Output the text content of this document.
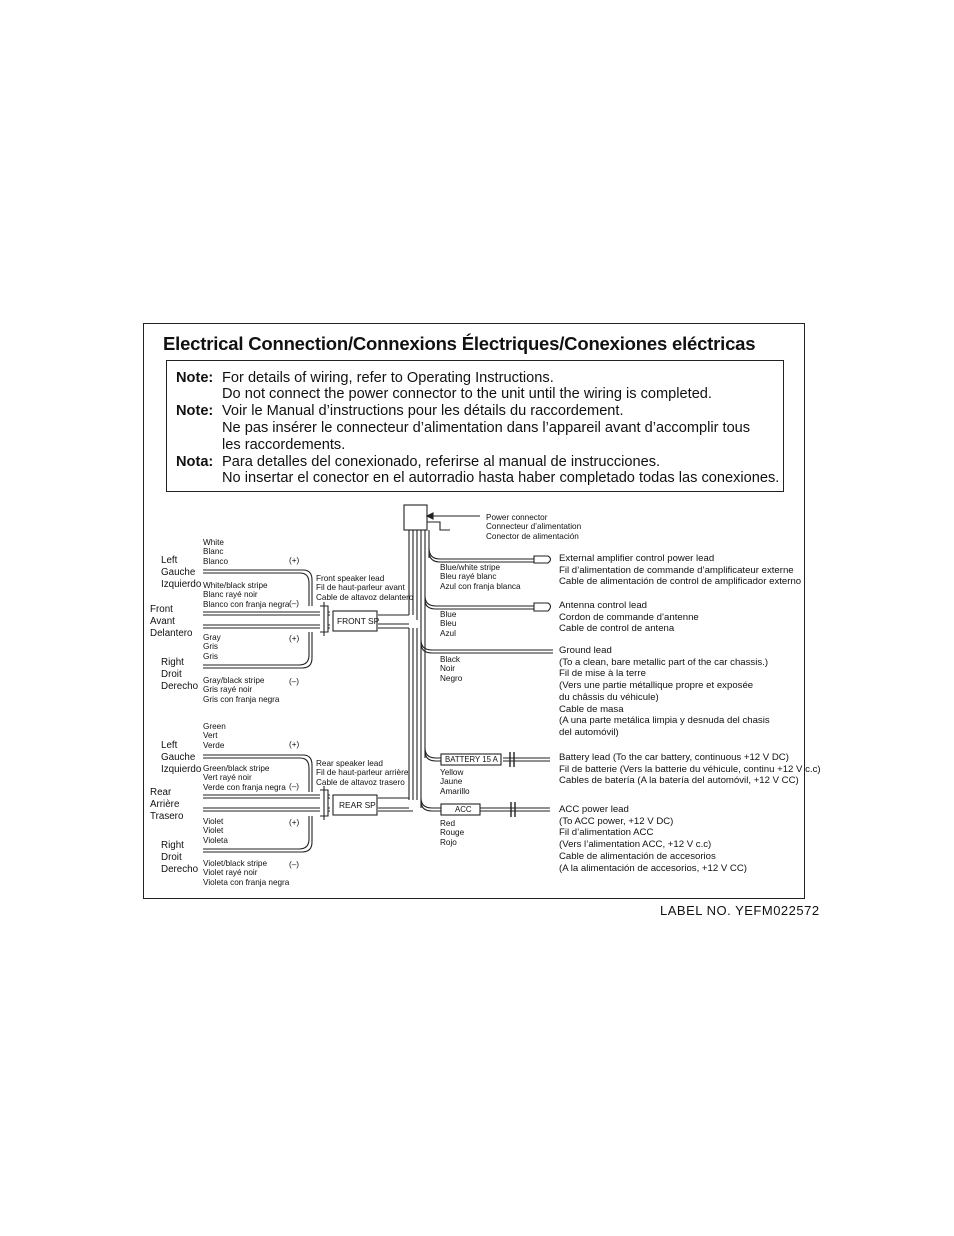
Electrical Connection/Connexions Électriques/Conexiones eléctricas
Note: For details of wiring, refer to Operating Instructions.
Do not connect the power connector to the unit until the wiring is completed.
Note: Voir le Manual d’instructions pour les détails du raccordement.
Ne pas insérer le connecteur d’alimentation dans l’appareil avant d’accomplir tous
les raccordements.
Nota: Para detalles del conexionado, referirse al manual de instrucciones.
No insertar el conector en el autorradio hasta haber completado todas las conexiones.
Power connector
Connecteur d’alimentation
Conector de alimentación
Left
Gauche
Izquierdo
Front
Avant
Delantero
Right
Droit
Derecho
White
Blanc
Blanco
White/black stripe
Blanc rayé noir
Blanco con franja negra
Gray
Gris
Gris
Gray/black stripe
Gris rayé noir
Gris con franja negra
(+)
(–)
(+)
(–)
Front speaker lead
Fil de haut-parleur avant
Cable de altavoz delantero
FRONT SP
Left
Gauche
Izquierdo
Rear
Arrière
Trasero
Right
Droit
Derecho
Green
Vert
Verde
Green/black stripe
Vert rayé noir
Verde con franja negra
Violet
Violet
Violeta
Violet/black stripe
Violet rayé noir
Violeta con franja negra
(+)
(–)
(+)
(–)
Rear speaker lead
Fil de haut-parleur arrière
Cable de altavoz trasero
REAR SP
Blue/white stripe
Bleu rayé blanc
Azul con franja blanca
Blue
Bleu
Azul
Black
Noir
Negro
Yellow
Jaune
Amarillo
Red
Rouge
Rojo
BATTERY 15 A
ACC
External amplifier control power lead
Fil d’alimentation de commande d’amplificateur externe
Cable de alimentación de control de amplificador externo
Antenna control lead
Cordon de commande d’antenne
Cable de control de antena
Ground lead
(To a clean, bare metallic part of the car chassis.)
Fil de mise à la terre
(Vers une partie métallique propre et exposée
du châssis du véhicule)
Cable de masa
(A una parte metálica limpia y desnuda del chasis
del automóvil)
Battery lead (To the car battery, continuous +12 V DC)
Fil de batterie (Vers la batterie du véhicule, continu +12 V c.c)
Cables de batería (A la batería del automóvil, +12 V CC)
ACC power lead
(To ACC power, +12 V DC)
Fil d’alimentation ACC
(Vers l’alimentation ACC, +12 V c.c)
Cable de alimentación de accesorios
(A la alimentación de accesorios, +12 V CC)
LABEL NO. YEFM022572
